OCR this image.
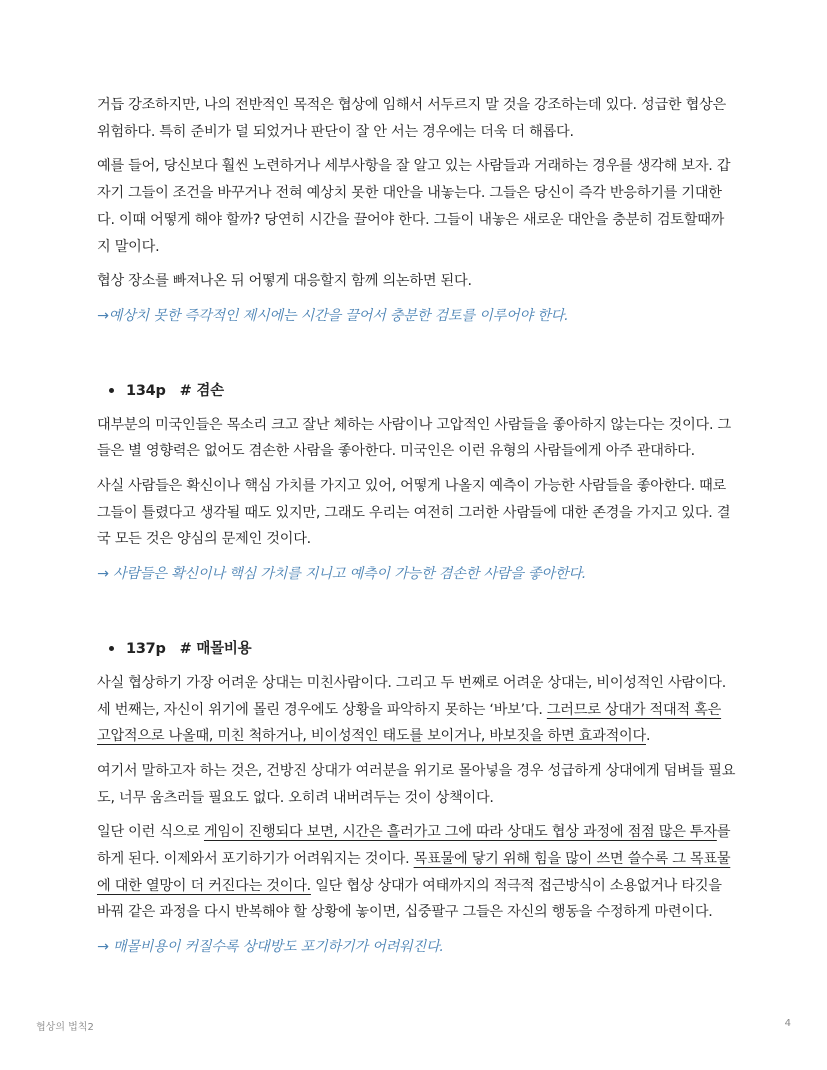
거듭 강조하지만, 나의 전반적인 목적은 협상에 임해서 서두르지 말 것을 강조하는데 있다. 성급한 협상은 위험하다. 특히 준비가 덜 되었거나 판단이 잘 안 서는 경우에는 더욱 더 해롭다.

예를 들어, 당신보다 훨씬 노련하거나 세부사항을 잘 알고 있는 사람들과 거래하는 경우를 생각해 보자. 갑자기 그들이 조건을 바꾸거나 전혀 예상치 못한 대안을 내놓는다. 그들은 당신이 즉각 반응하기를 기대한다. 이때 어떻게 해야 할까? 당연히 시간을 끌어야 한다. 그들이 내놓은 새로운 대안을 충분히 검토할때까지 말이다.

협상 장소를 빠져나온 뒤 어떻게 대응할지 함께 의논하면 된다.

→예상치 못한 즉각적인 제시에는 시간을 끌어서 충분한 검토를 이루어야 한다.

134p # 겸손

대부분의 미국인들은 목소리 크고 잘난 체하는 사람이나 고압적인 사람들을 좋아하지 않는다는 것이다. 그들은 별 영향력은 없어도 겸손한 사람을 좋아한다. 미국인은 이런 유형의 사람들에게 아주 관대하다.

사실 사람들은 확신이나 핵심 가치를 가지고 있어, 어떻게 나올지 예측이 가능한 사람들을 좋아한다. 때로 그들이 틀렸다고 생각될 때도 있지만, 그래도 우리는 여전히 그러한 사람들에 대한 존경을 가지고 있다. 결국 모든 것은 양심의 문제인 것이다.

→ 사람들은 확신이나 핵심 가치를 지니고 예측이 가능한 겸손한 사람을 좋아한다.

137p # 매몰비용

사실 협상하기 가장 어려운 상대는 미친사람이다. 그리고 두 번째로 어려운 상대는, 비이성적인 사람이다. 세 번째는, 자신이 위기에 몰린 경우에도 상황을 파악하지 못하는 ‘바보’다. 그러므로 상대가 적대적 혹은 고압적으로 나올때, 미친 척하거나, 비이성적인 태도를 보이거나, 바보짓을 하면 효과적이다.

여기서 말하고자 하는 것은, 건방진 상대가 여러분을 위기로 몰아넣을 경우 성급하게 상대에게 덤벼들 필요도, 너무 움츠러들 필요도 없다. 오히려 내버려두는 것이 상책이다.

일단 이런 식으로 게임이 진행되다 보면, 시간은 흘러가고 그에 따라 상대도 협상 과정에 점점 많은 투자를 하게 된다. 이제와서 포기하기가 어려워지는 것이다. 목표물에 닿기 위해 힘을 많이 쓰면 쓸수록 그 목표물에 대한 열망이 더 커진다는 것이다. 일단 협상 상대가 여태까지의 적극적 접근방식이 소용없거나 타깃을 바꿔 같은 과정을 다시 반복해야 할 상황에 놓이면, 십중팔구 그들은 자신의 행동을 수정하게 마련이다.

→ 매몰비용이 커질수록 상대방도 포기하기가 어려워진다.

협상의 법칙2	4
